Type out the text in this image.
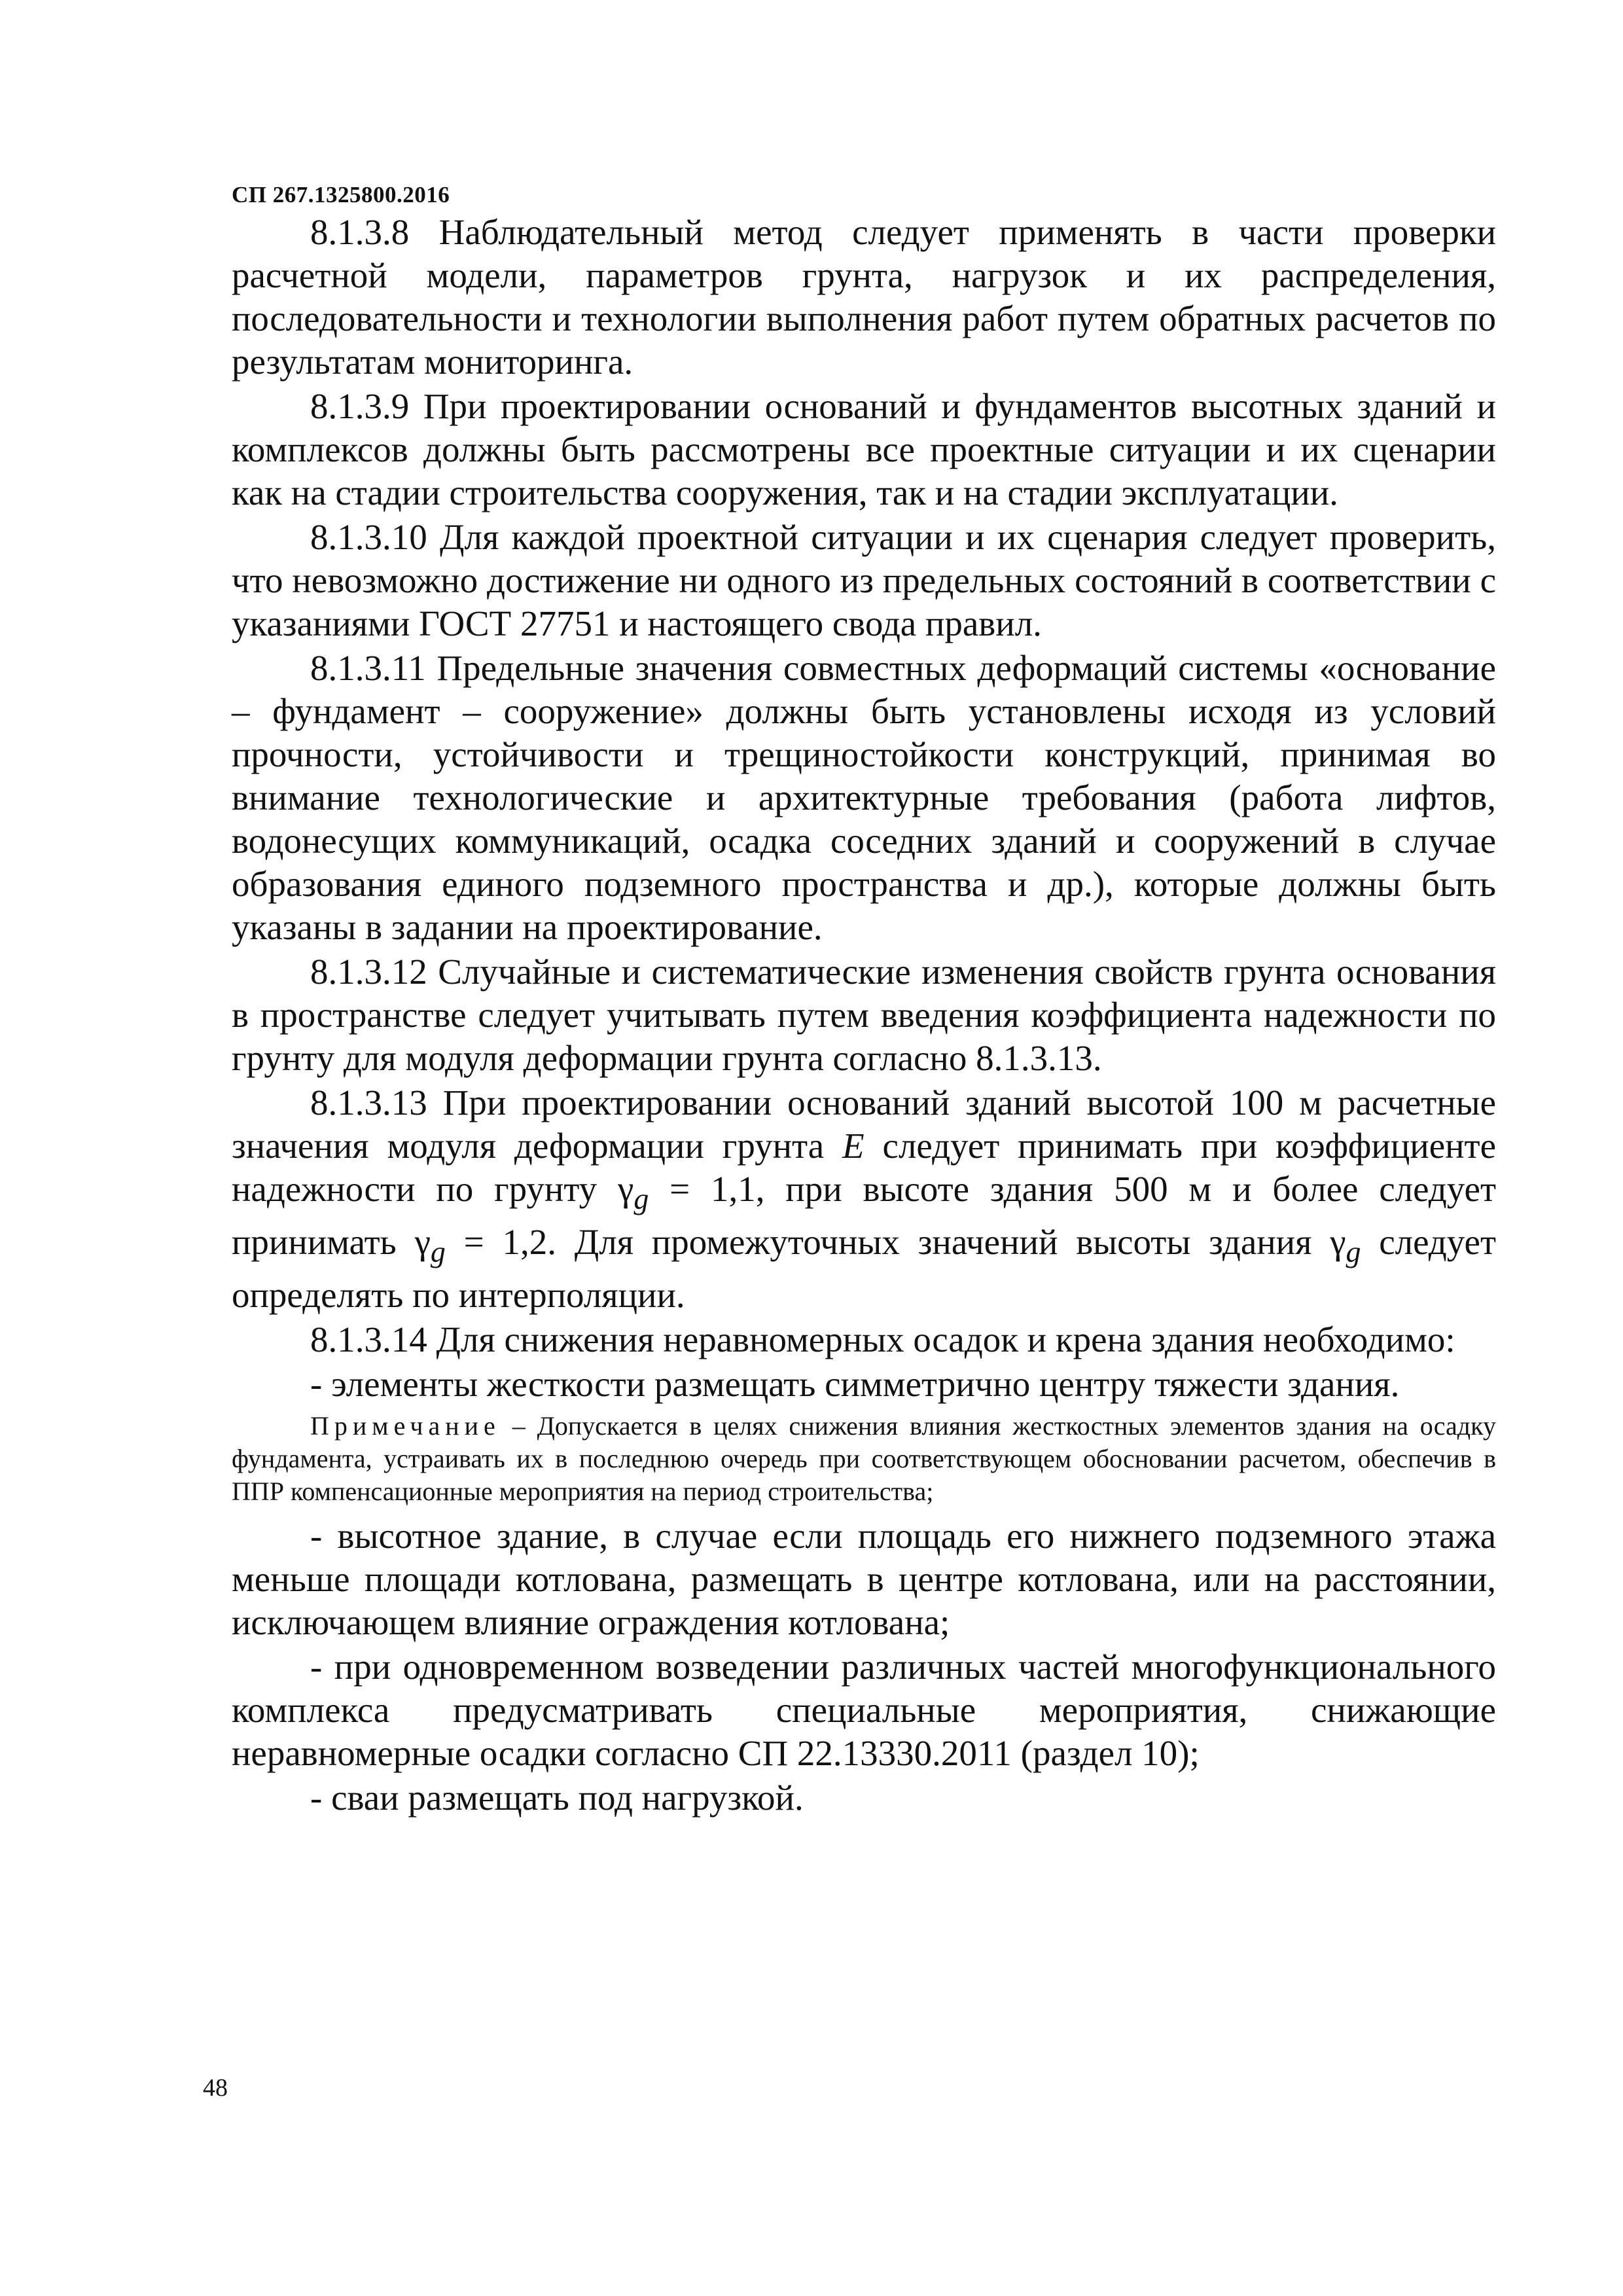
СП 267.1325800.2016

8.1.3.8 Наблюдательный метод следует применять в части проверки расчетной модели, параметров грунта, нагрузок и их распределения, последовательности и технологии выполнения работ путем обратных расчетов по результатам мониторинга.

8.1.3.9 При проектировании оснований и фундаментов высотных зданий и комплексов должны быть рассмотрены все проектные ситуации и их сценарии как на стадии строительства сооружения, так и на стадии эксплуатации.

8.1.3.10 Для каждой проектной ситуации и их сценария следует проверить, что невозможно достижение ни одного из предельных состояний в соответствии с указаниями ГОСТ 27751 и настоящего свода правил.

8.1.3.11 Предельные значения совместных деформаций системы «основание – фундамент – сооружение» должны быть установлены исходя из условий прочности, устойчивости и трещиностойкости конструкций, принимая во внимание технологические и архитектурные требования (работа лифтов, водонесущих коммуникаций, осадка соседних зданий и сооружений в случае образования единого подземного пространства и др.), которые должны быть указаны в задании на проектирование.

8.1.3.12 Случайные и систематические изменения свойств грунта основания в пространстве следует учитывать путем введения коэффициента надежности по грунту для модуля деформации грунта согласно 8.1.3.13.

8.1.3.13 При проектировании оснований зданий высотой 100 м расчетные значения модуля деформации грунта E следует принимать при коэффициенте надежности по грунту $\gamma_g = 1,1$, при высоте здания 500 м и более следует принимать $\gamma_g = 1,2$. Для промежуточных значений высоты здания $\gamma_g$ следует определять по интерполяции.

8.1.3.14 Для снижения неравномерных осадок и крена здания необходимо:

- элементы жесткости размещать симметрично центру тяжести здания.

Примечание – Допускается в целях снижения влияния жесткостных элементов здания на осадку фундамента, устраивать их в последнюю очередь при соответствующем обосновании расчетом, обеспечив в ППР компенсационные мероприятия на период строительства;

- высотное здание, в случае если площадь его нижнего подземного этажа меньше площади котлована, размещать в центре котлована, или на расстоянии, исключающем влияние ограждения котлована;

- при одновременном возведении различных частей многофункционального комплекса предусматривать специальные мероприятия, снижающие неравномерные осадки согласно СП 22.13330.2011 (раздел 10);

- сваи размещать под нагрузкой.

48
